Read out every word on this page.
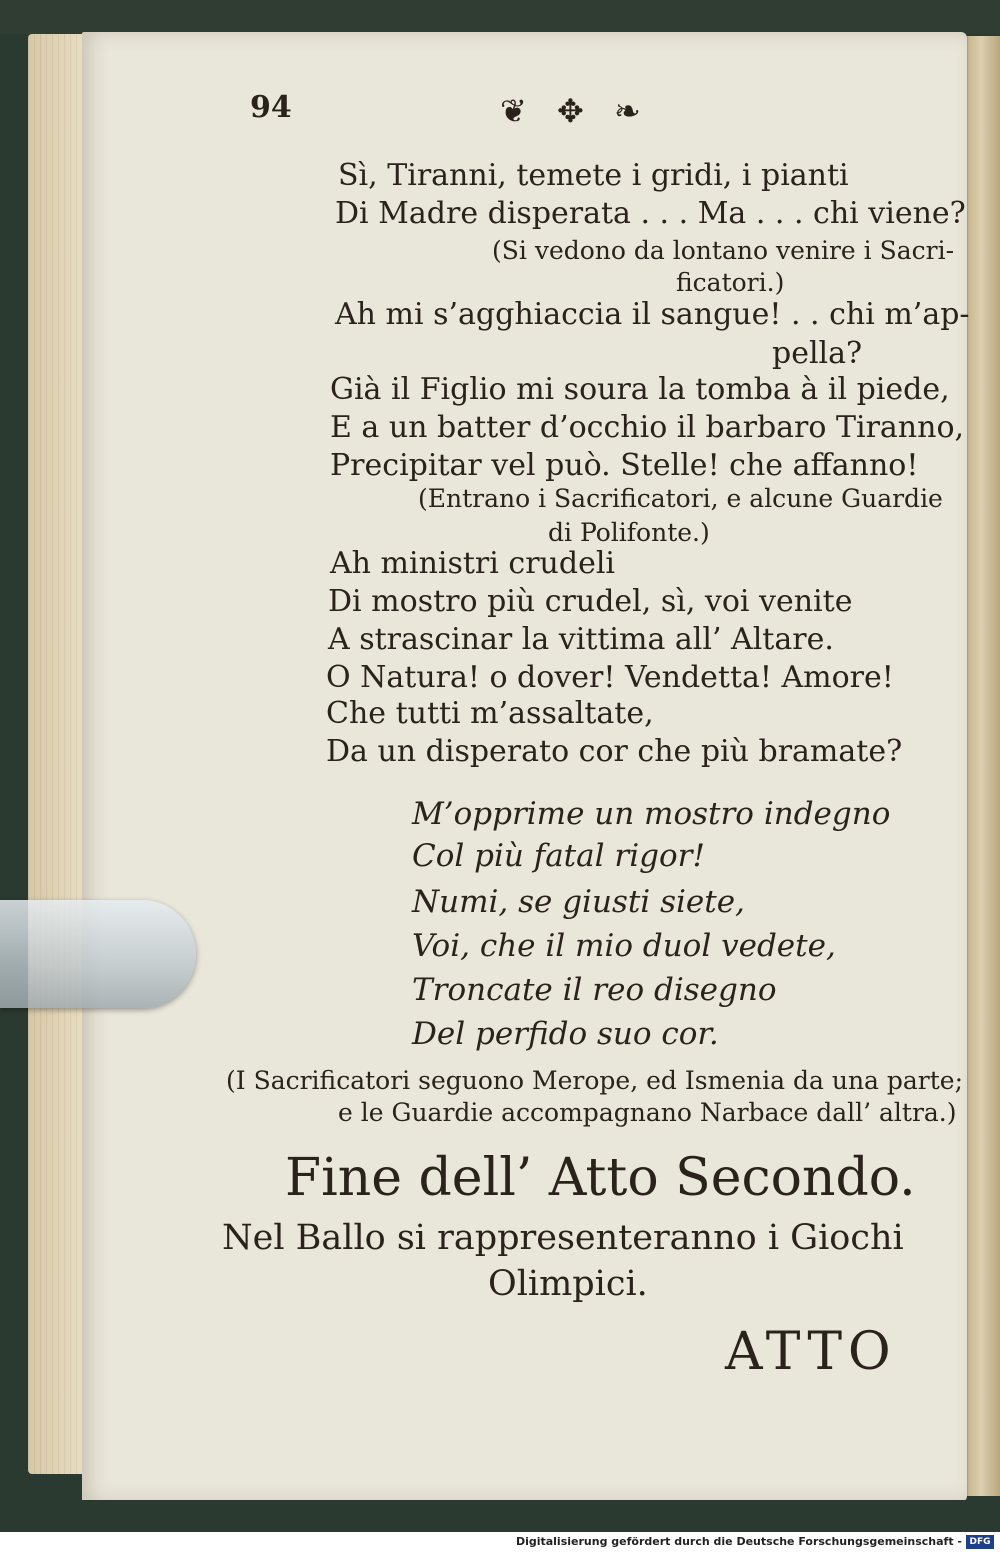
94	❦ ✥ ❧
Sì, Tiranni, temete i gridi, i pianti
Di Madre disperata . . . Ma . . . chi viene?
(Si vedono da lontano venire i Sacri-
ficatori.)
Ah mi s’agghiaccia il sangue! . . chi m’ap-
pella?
Già il Figlio mi soura la tomba à il piede,
E a un batter d’occhio il barbaro Tiranno,
Precipitar vel può. Stelle! che affanno!
(Entrano i Sacrificatori, e alcune Guardie
di Polifonte.)
Ah ministri crudeli
Di mostro più crudel, sì, voi venite
A strascinar la vittima all’ Altare.
O Natura! o dover! Vendetta! Amore!
Che tutti m’assaltate,
Da un disperato cor che più bramate?
M’opprime un mostro indegno
Col più fatal rigor!
Numi, se giusti siete,
Voi, che il mio duol vedete,
Troncate il reo disegno
Del perfido suo cor.
(I Sacrificatori seguono Merope, ed Ismenia da una parte;
e le Guardie accompagnano Narbace dall’ altra.)
Fine dell’ Atto Secondo.
Nel Ballo si rappresenteranno i Giochi
Olimpici.
ATTO
Digitalisierung gefördert durch die Deutsche Forschungsgemeinschaft - DFG
